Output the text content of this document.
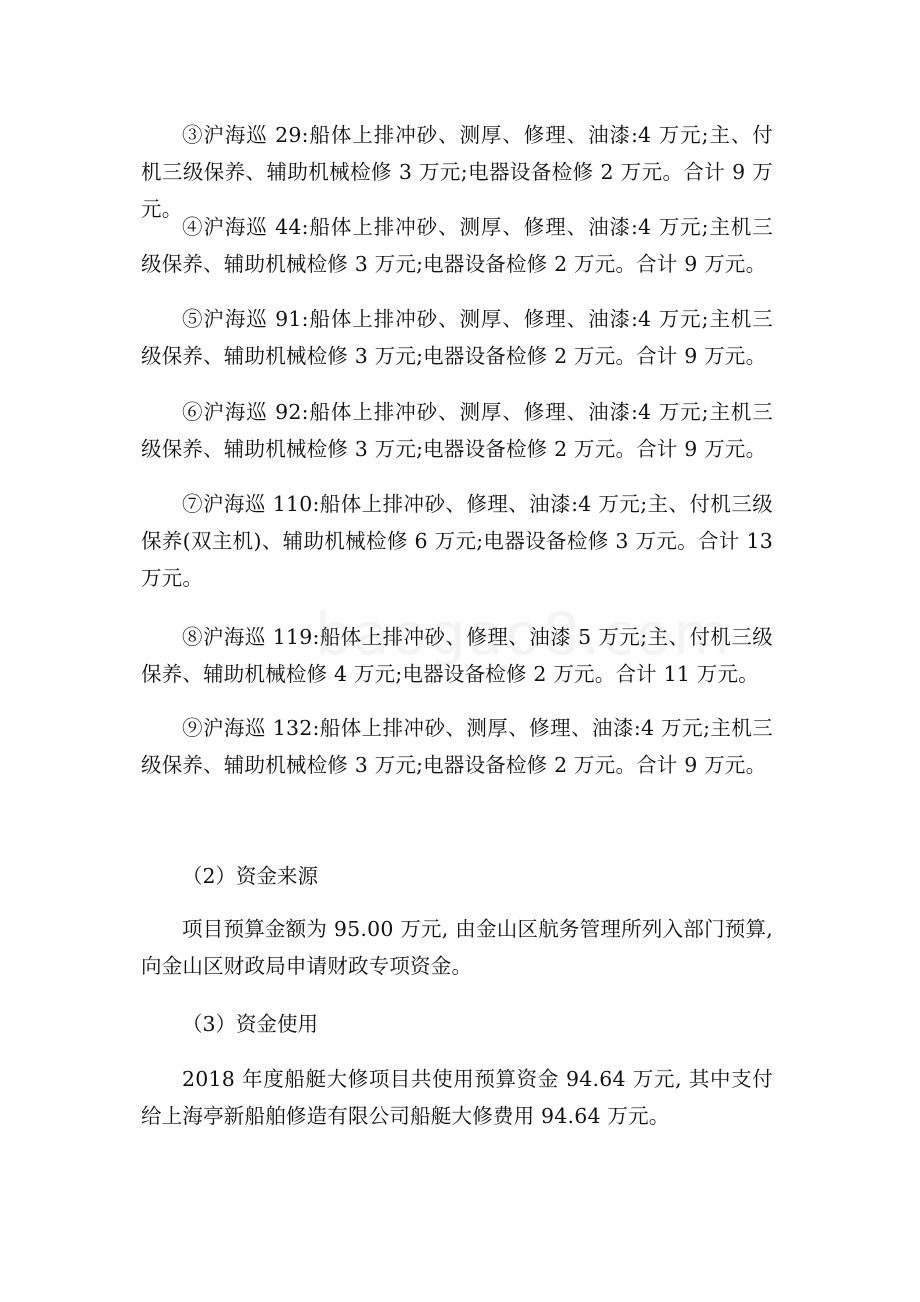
③沪海巡 29:船体上排冲砂、测厚、修理、油漆:4 万元;主、付机三级保养、辅助机械检修 3 万元;电器设备检修 2 万元。合计 9 万元。

④沪海巡 44:船体上排冲砂、测厚、修理、油漆:4 万元;主机三级保养、辅助机械检修 3 万元;电器设备检修 2 万元。合计 9 万元。

⑤沪海巡 91:船体上排冲砂、测厚、修理、油漆:4 万元;主机三级保养、辅助机械检修 3 万元;电器设备检修 2 万元。合计 9 万元。

⑥沪海巡 92:船体上排冲砂、测厚、修理、油漆:4 万元;主机三级保养、辅助机械检修 3 万元;电器设备检修 2 万元。合计 9 万元。

⑦沪海巡 110:船体上排冲砂、修理、油漆:4 万元;主、付机三级保养(双主机)、辅助机械检修 6 万元;电器设备检修 3 万元。合计 13 万元。

⑧沪海巡 119:船体上排冲砂、修理、油漆 5 万元;主、付机三级保养、辅助机械检修 4 万元;电器设备检修 2 万元。合计 11 万元。

⑨沪海巡 132:船体上排冲砂、测厚、修理、油漆:4 万元;主机三级保养、辅助机械检修 3 万元;电器设备检修 2 万元。合计 9 万元。

（2）资金来源

项目预算金额为 95.00 万元, 由金山区航务管理所列入部门预算, 向金山区财政局申请财政专项资金。

（3）资金使用

2018 年度船艇大修项目共使用预算资金 94.64 万元, 其中支付给上海亭新船舶修造有限公司船艇大修费用 94.64 万元。
